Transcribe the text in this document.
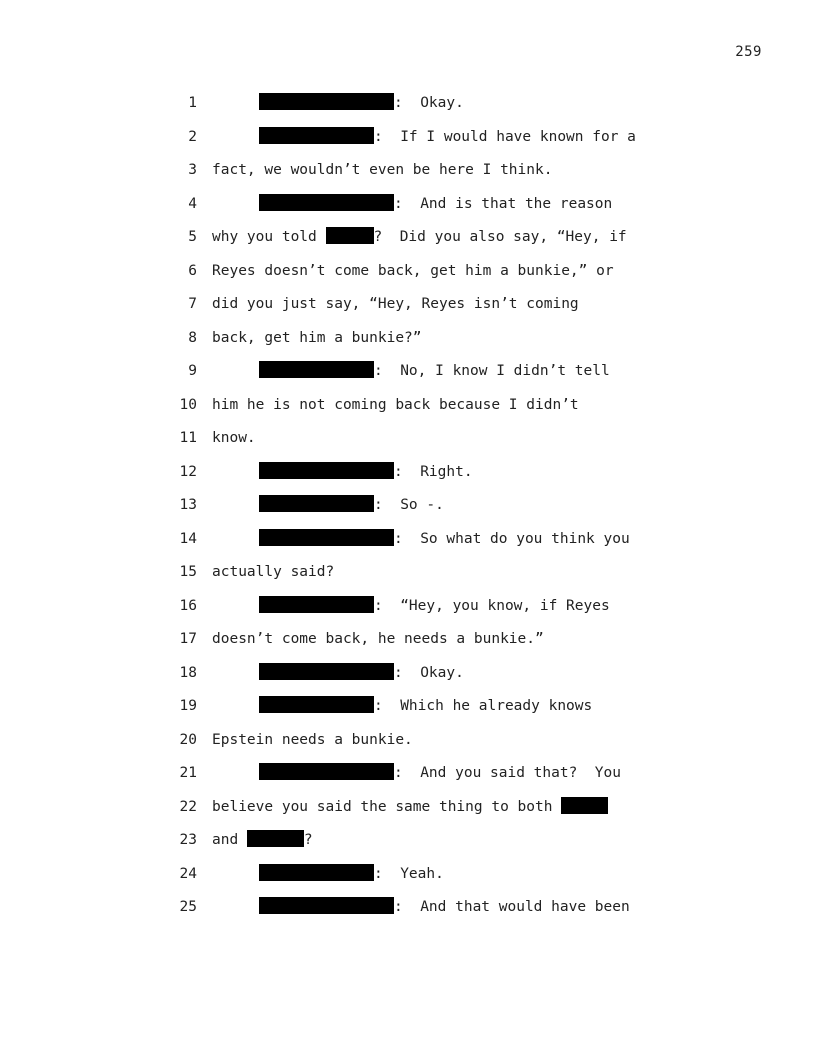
259

1

	:  Okay.

2

	:  If I would have known for a

3

fact, we wouldn’t even be here I think.

4

	:  And is that the reason

5

why you told	?  Did you also say, “Hey, if

6

Reyes doesn’t come back, get him a bunkie,” or

7

did you just say, “Hey, Reyes isn’t coming

8

back, get him a bunkie?”

9

	:  No, I know I didn’t tell

10

him he is not coming back because I didn’t

11

know.

12

	:  Right.

13

	:  So -.

14

	:  So what do you think you

15

actually said?

16

	:  “Hey, you know, if Reyes

17

doesn’t come back, he needs a bunkie.”

18

	:  Okay.

19

	:  Which he already knows

20

Epstein needs a bunkie.

21

	:  And you said that?  You

22

believe you said the same thing to both

23

and	?

24

	:  Yeah.

25

	:  And that would have been
